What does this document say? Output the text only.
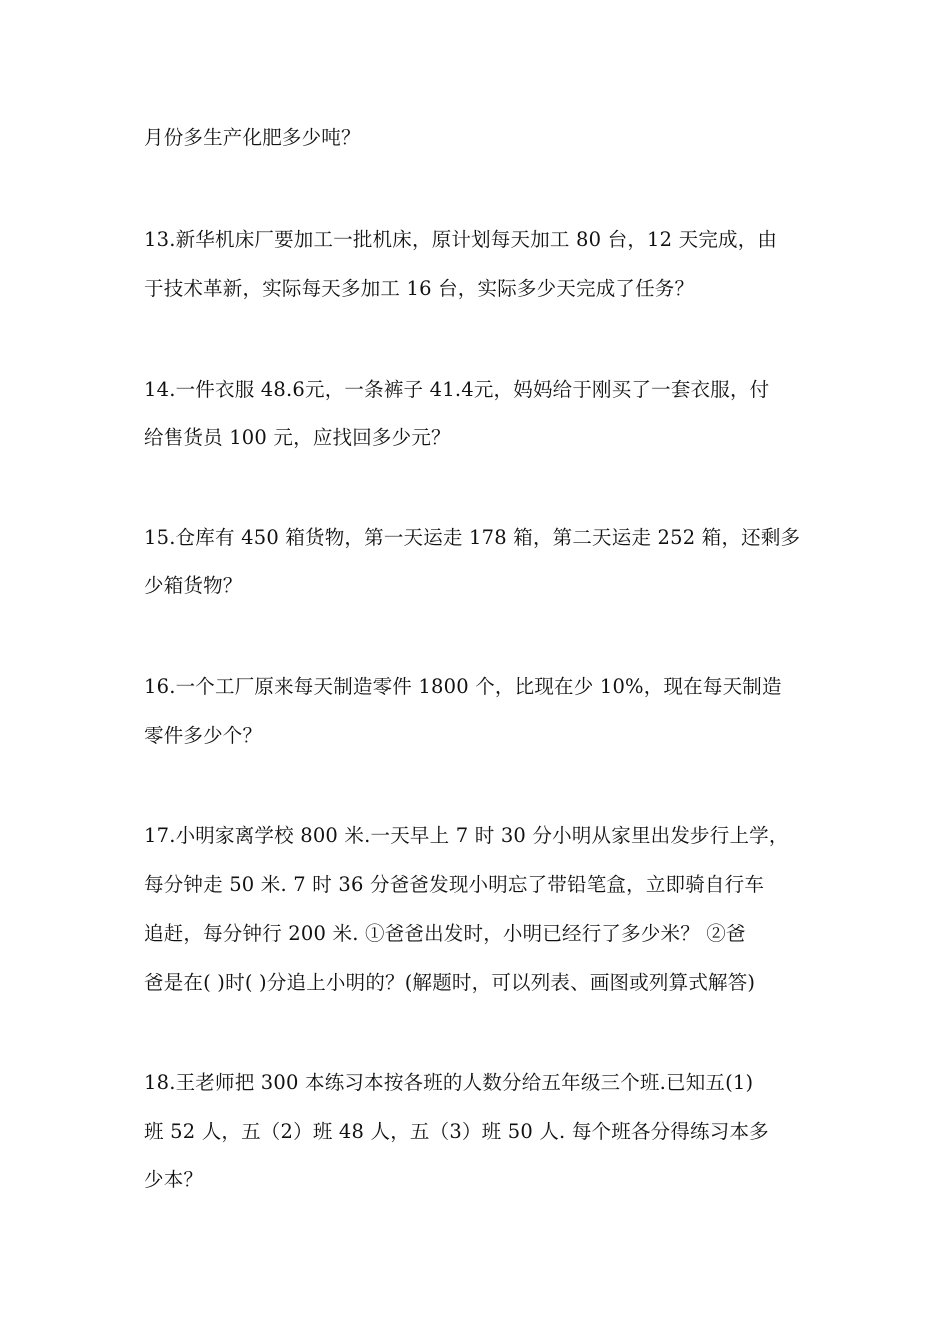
月份多生产化肥多少吨？
13.新华机床厂要加工一批机床，原计划每天加工 80 台，12 天完成，由
于技术革新，实际每天多加工 16 台，实际多少天完成了任务？
14.一件衣服 48.6元，一条裤子 41.4元，妈妈给于刚买了一套衣服，付
给售货员 100 元，应找回多少元？
15.仓库有 450 箱货物，第一天运走 178 箱，第二天运走 252 箱，还剩多
少箱货物？
16.一个工厂原来每天制造零件 1800 个，比现在少 10%，现在每天制造
零件多少个？
17.小明家离学校 800 米.一天早上 7 时 30 分小明从家里出发步行上学，
每分钟走 50 米. 7 时 36 分爸爸发现小明忘了带铅笔盒，立即骑自行车
追赶，每分钟行 200 米. ①爸爸出发时，小明已经行了多少米？ ②爸
爸是在( )时( )分追上小明的？(解题时，可以列表、画图或列算式解答)
18.王老师把 300 本练习本按各班的人数分给五年级三个班.已知五(1)
班 52 人，五（2）班 48 人，五（3）班 50 人. 每个班各分得练习本多
少本？
